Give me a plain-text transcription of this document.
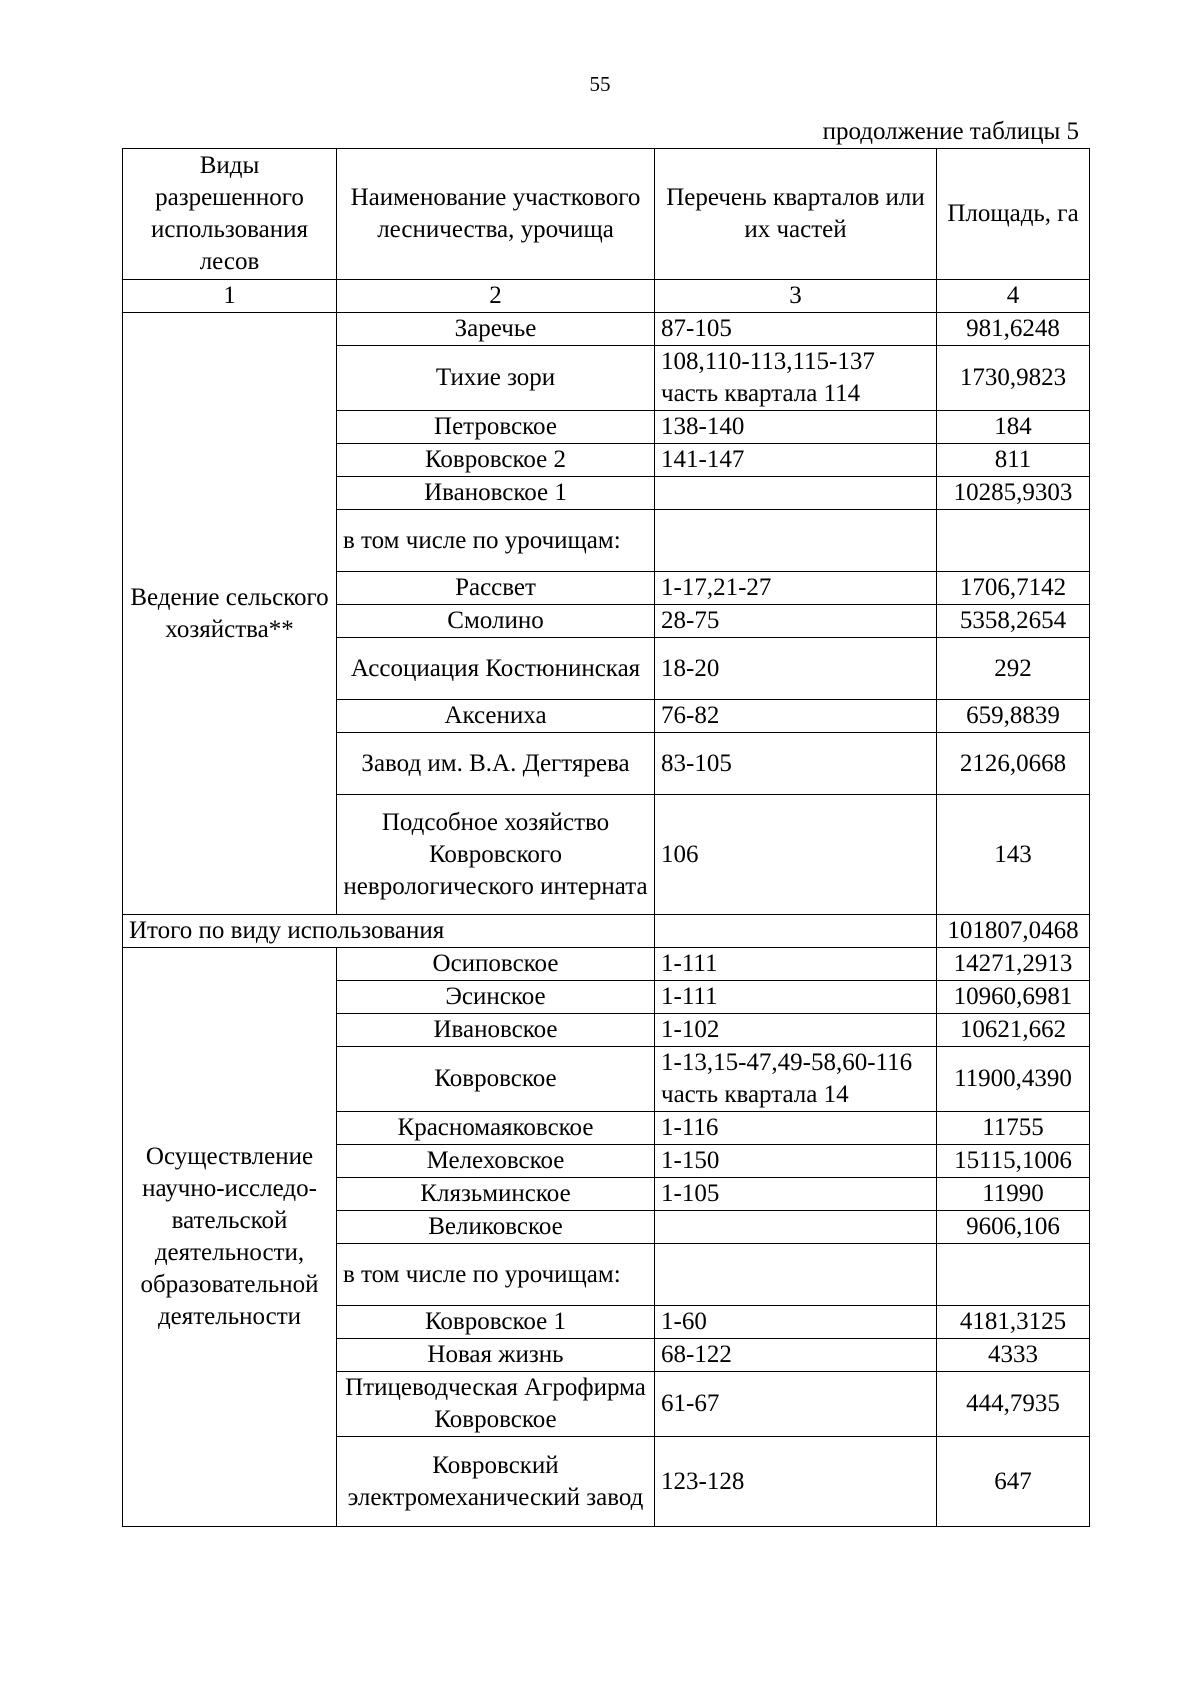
55
продолжение таблицы 5
Виды разрешенного использования лесов	Наименование участкового лесничества, урочища	Перечень кварталов или их частей	Площадь, га
1	2	3	4
Ведение сельского хозяйства**	Заречье	87-105	981,6248
	Тихие зори	108,110-113,115-137 часть квартала 114	1730,9823
	Петровское	138-140	184
	Ковровское 2	141-147	811
	Ивановское 1		10285,9303
	в том числе по урочищам:		
	Рассвет	1-17,21-27	1706,7142
	Смолино	28-75	5358,2654
	Ассоциация Костюнинская	18-20	292
	Аксениха	76-82	659,8839
	Завод им. В.А. Дегтярева	83-105	2126,0668
	Подсобное хозяйство Ковровского неврологического интерната	106	143
Итого по виду использования			101807,0468
Осуществление научно-исследо-вательской деятельности, образовательной деятельности	Осиповское	1-111	14271,2913
	Эсинское	1-111	10960,6981
	Ивановское	1-102	10621,662
	Ковровское	1-13,15-47,49-58,60-116 часть квартала 14	11900,4390
	Красномаяковское	1-116	11755
	Мелеховское	1-150	15115,1006
	Клязьминское	1-105	11990
	Великовское		9606,106
	в том числе по урочищам:		
	Ковровское 1	1-60	4181,3125
	Новая жизнь	68-122	4333
	Птицеводческая Агрофирма Ковровское	61-67	444,7935
	Ковровский электромеханический завод	123-128	647
